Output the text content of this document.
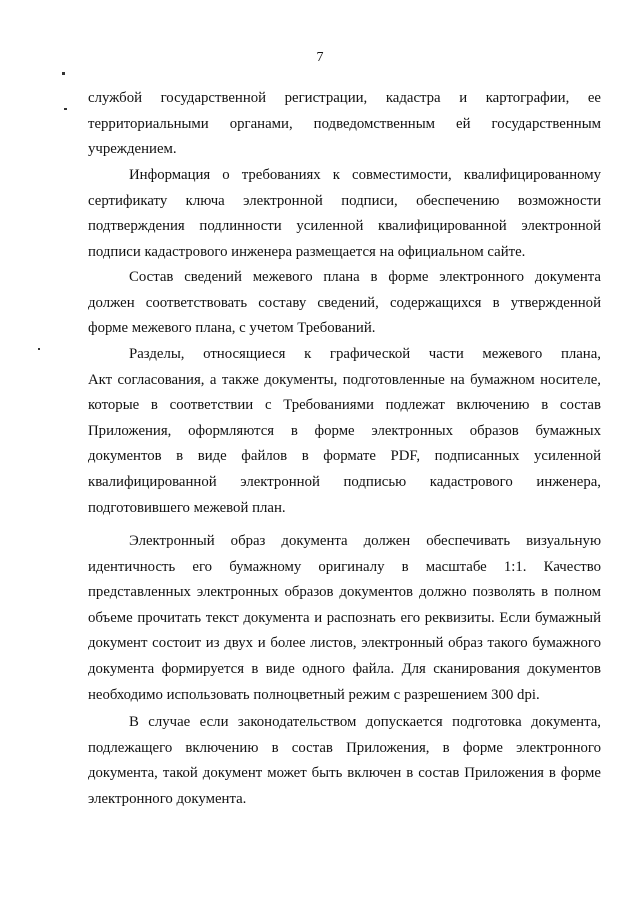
7
службой государственной регистрации, кадастра и картографии, ее
территориальными органами, подведомственным ей государственным
учреждением.
Информация о требованиях к совместимости, квалифицированному
сертификату ключа электронной подписи, обеспечению возможности
подтверждения подлинности усиленной квалифицированной электронной
подписи кадастрового инженера размещается на официальном сайте.
Состав сведений межевого плана в форме электронного документа
должен соответствовать составу сведений, содержащихся в утвержденной
форме межевого плана, с учетом Требований.
Разделы, относящиеся к графической части межевого плана,
Акт согласования, а также документы, подготовленные на бумажном носителе,
которые в соответствии с Требованиями подлежат включению в состав
Приложения, оформляются в форме электронных образов бумажных
документов в виде файлов в формате PDF, подписанных усиленной
квалифицированной электронной подписью кадастрового инженера,
подготовившего межевой план.
Электронный образ документа должен обеспечивать визуальную
идентичность его бумажному оригиналу в масштабе 1:1. Качество
представленных электронных образов документов должно позволять в полном
объеме прочитать текст документа и распознать его реквизиты. Если бумажный
документ состоит из двух и более листов, электронный образ такого бумажного
документа формируется в виде одного файла. Для сканирования документов
необходимо использовать полноцветный режим с разрешением 300 dpi.
В случае если законодательством допускается подготовка документа,
подлежащего включению в состав Приложения, в форме электронного
документа, такой документ может быть включен в состав Приложения в форме
электронного документа.
